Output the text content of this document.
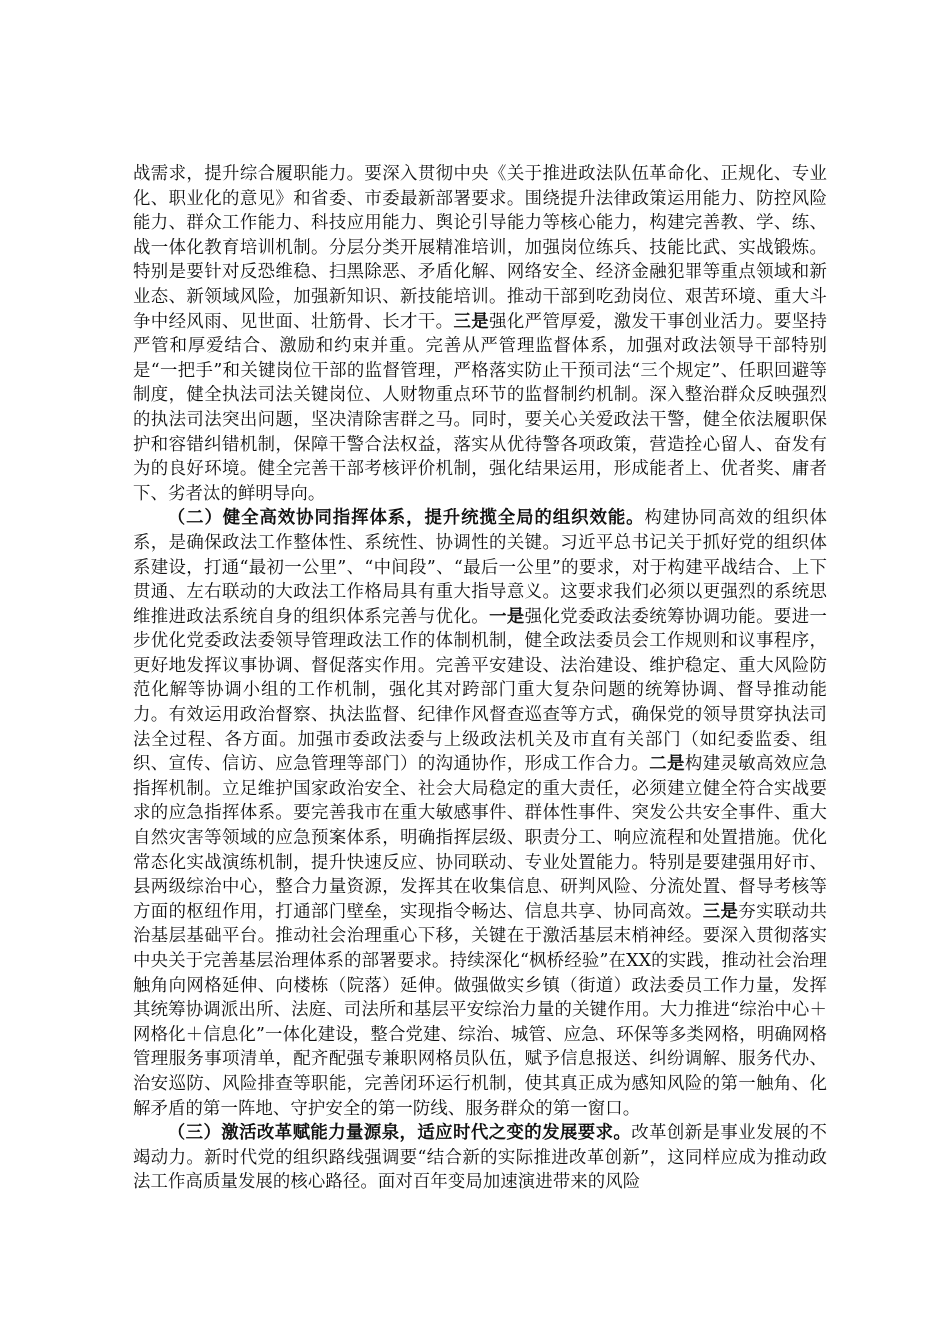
战需求，提升综合履职能力。要深入贯彻中央《关于推进政法队伍革命化、正规化、专业化、职业化的意见》和省委、市委最新部署要求。围绕提升法律政策运用能力、防控风险能力、群众工作能力、科技应用能力、舆论引导能力等核心能力，构建完善教、学、练、战一体化教育培训机制。分层分类开展精准培训，加强岗位练兵、技能比武、实战锻炼。特别是要针对反恐维稳、扫黑除恶、矛盾化解、网络安全、经济金融犯罪等重点领域和新业态、新领域风险，加强新知识、新技能培训。推动干部到吃劲岗位、艰苦环境、重大斗争中经风雨、见世面、壮筋骨、长才干。三是强化严管厚爱，激发干事创业活力。要坚持严管和厚爱结合、激励和约束并重。完善从严管理监督体系，加强对政法领导干部特别是“一把手”和关键岗位干部的监督管理，严格落实防止干预司法“三个规定”、任职回避等制度，健全执法司法关键岗位、人财物重点环节的监督制约机制。深入整治群众反映强烈的执法司法突出问题，坚决清除害群之马。同时，要关心关爱政法干警，健全依法履职保护和容错纠错机制，保障干警合法权益，落实从优待警各项政策，营造拴心留人、奋发有为的良好环境。健全完善干部考核评价机制，强化结果运用，形成能者上、优者奖、庸者下、劣者汰的鲜明导向。

（二）健全高效协同指挥体系，提升统揽全局的组织效能。构建协同高效的组织体系，是确保政法工作整体性、系统性、协调性的关键。习近平总书记关于抓好党的组织体系建设，打通“最初一公里”、“中间段”、“最后一公里”的要求，对于构建平战结合、上下贯通、左右联动的大政法工作格局具有重大指导意义。这要求我们必须以更强烈的系统思维推进政法系统自身的组织体系完善与优化。一是强化党委政法委统筹协调功能。要进一步优化党委政法委领导管理政法工作的体制机制，健全政法委员会工作规则和议事程序，更好地发挥议事协调、督促落实作用。完善平安建设、法治建设、维护稳定、重大风险防范化解等协调小组的工作机制，强化其对跨部门重大复杂问题的统筹协调、督导推动能力。有效运用政治督察、执法监督、纪律作风督查巡查等方式，确保党的领导贯穿执法司法全过程、各方面。加强市委政法委与上级政法机关及市直有关部门（如纪委监委、组织、宣传、信访、应急管理等部门）的沟通协作，形成工作合力。二是构建灵敏高效应急指挥机制。立足维护国家政治安全、社会大局稳定的重大责任，必须建立健全符合实战要求的应急指挥体系。要完善我市在重大敏感事件、群体性事件、突发公共安全事件、重大自然灾害等领域的应急预案体系，明确指挥层级、职责分工、响应流程和处置措施。优化常态化实战演练机制，提升快速反应、协同联动、专业处置能力。特别是要建强用好市、县两级综治中心，整合力量资源，发挥其在收集信息、研判风险、分流处置、督导考核等方面的枢纽作用，打通部门壁垒，实现指令畅达、信息共享、协同高效。三是夯实联动共治基层基础平台。推动社会治理重心下移，关键在于激活基层末梢神经。要深入贯彻落实中央关于完善基层治理体系的部署要求。持续深化“枫桥经验”在XX的实践，推动社会治理触角向网格延伸、向楼栋（院落）延伸。做强做实乡镇（街道）政法委员工作力量，发挥其统筹协调派出所、法庭、司法所和基层平安综治力量的关键作用。大力推进“综治中心＋网格化＋信息化”一体化建设，整合党建、综治、城管、应急、环保等多类网格，明确网格管理服务事项清单，配齐配强专兼职网格员队伍，赋予信息报送、纠纷调解、服务代办、治安巡防、风险排查等职能，完善闭环运行机制，使其真正成为感知风险的第一触角、化解矛盾的第一阵地、守护安全的第一防线、服务群众的第一窗口。

（三）激活改革赋能力量源泉，适应时代之变的发展要求。改革创新是事业发展的不竭动力。新时代党的组织路线强调要“结合新的实际推进改革创新”，这同样应成为推动政法工作高质量发展的核心路径。面对百年变局加速演进带来的风险
